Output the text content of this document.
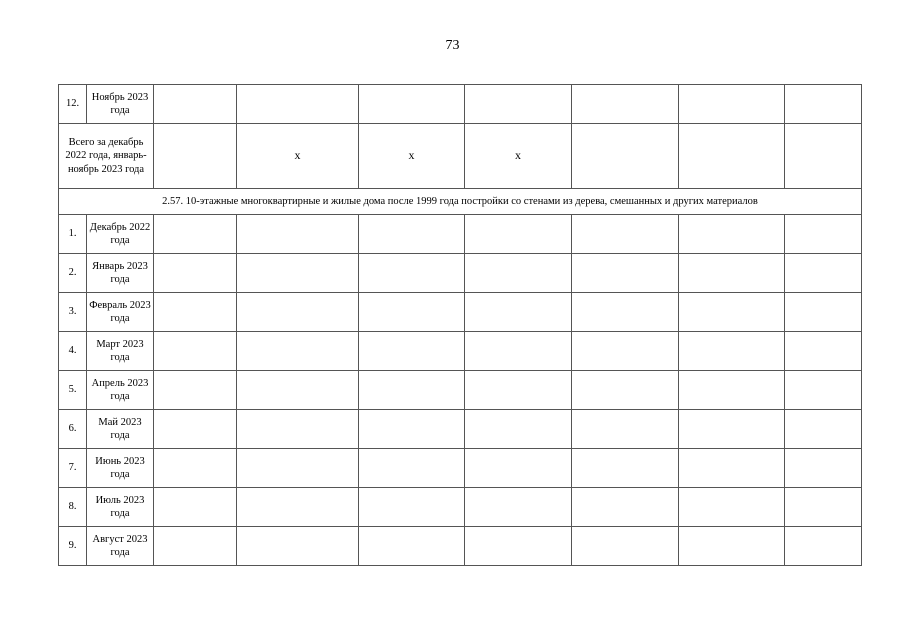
73
12.	Ноябрь 2023 года							
Всего за декабрь 2022 года, январь-ноябрь 2023 года			х	х	х			
2.57. 10-этажные многоквартирные и жилые дома после 1999 года постройки со стенами из дерева, смешанных и других материалов								
1.	Декабрь 2022 года							
2.	Январь 2023 года							
3.	Февраль 2023 года							
4.	Март 2023 года							
5.	Апрель 2023 года							
6.	Май 2023 года							
7.	Июнь 2023 года							
8.	Июль 2023 года							
9.	Август 2023 года							
